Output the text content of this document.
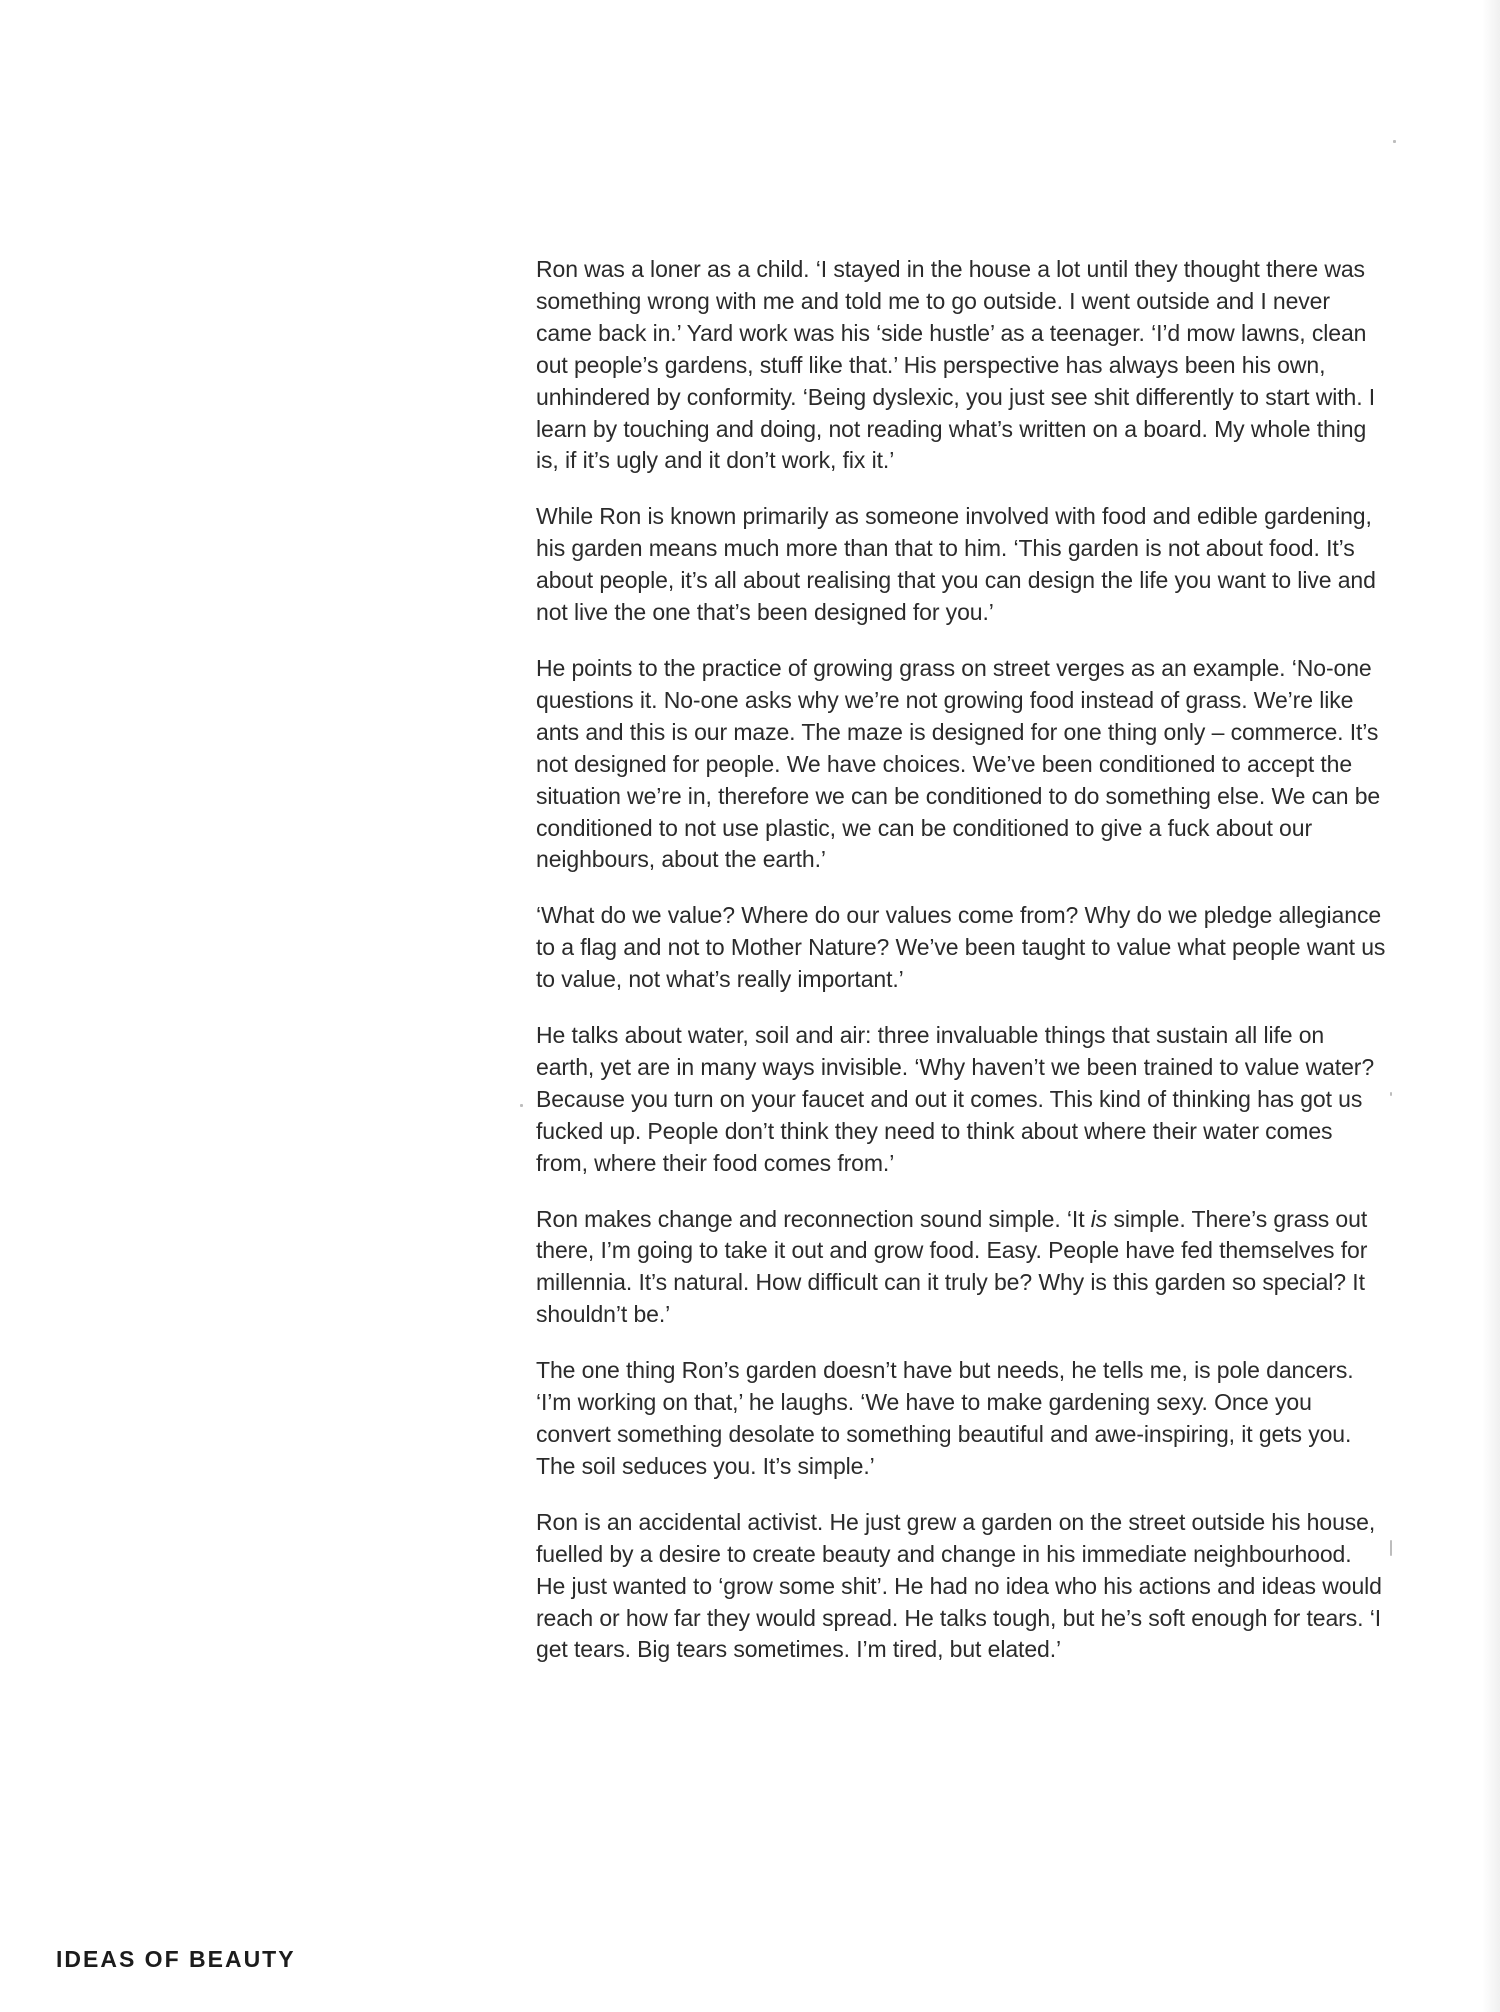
Ron was a loner as a child. ‘I stayed in the house a lot until they thought there was something wrong with me and told me to go outside. I went outside and I never came back in.’ Yard work was his ‘side hustle’ as a teenager. ‘I’d mow lawns, clean out people’s gardens, stuff like that.’ His perspective has always been his own, unhindered by conformity. ‘Being dyslexic, you just see shit differently to start with. I learn by touching and doing, not reading what’s written on a board. My whole thing is, if it’s ugly and it don’t work, fix it.’

While Ron is known primarily as someone involved with food and edible gardening, his garden means much more than that to him. ‘This garden is not about food. It’s about people, it’s all about realising that you can design the life you want to live and not live the one that’s been designed for you.’

He points to the practice of growing grass on street verges as an example. ‘No-one questions it. No-one asks why we’re not growing food instead of grass. We’re like ants and this is our maze. The maze is designed for one thing only – commerce. It’s not designed for people. We have choices. We’ve been conditioned to accept the situation we’re in, therefore we can be conditioned to do something else. We can be conditioned to not use plastic, we can be conditioned to give a fuck about our neighbours, about the earth.’

‘What do we value? Where do our values come from? Why do we pledge allegiance to a flag and not to Mother Nature? We’ve been taught to value what people want us to value, not what’s really important.’

He talks about water, soil and air: three invaluable things that sustain all life on earth, yet are in many ways invisible. ‘Why haven’t we been trained to value water? Because you turn on your faucet and out it comes. This kind of thinking has got us fucked up. People don’t think they need to think about where their water comes from, where their food comes from.’

Ron makes change and reconnection sound simple. ‘It is simple. There’s grass out there, I’m going to take it out and grow food. Easy. People have fed themselves for millennia. It’s natural. How difficult can it truly be? Why is this garden so special? It shouldn’t be.’

The one thing Ron’s garden doesn’t have but needs, he tells me, is pole dancers. ‘I’m working on that,’ he laughs. ‘We have to make gardening sexy. Once you convert something desolate to something beautiful and awe-inspiring, it gets you. The soil seduces you. It’s simple.’

Ron is an accidental activist. He just grew a garden on the street outside his house, fuelled by a desire to create beauty and change in his immediate neighbourhood. He just wanted to ‘grow some shit’. He had no idea who his actions and ideas would reach or how far they would spread. He talks tough, but he’s soft enough for tears. ‘I get tears. Big tears sometimes. I’m tired, but elated.’

IDEAS OF BEAUTY
